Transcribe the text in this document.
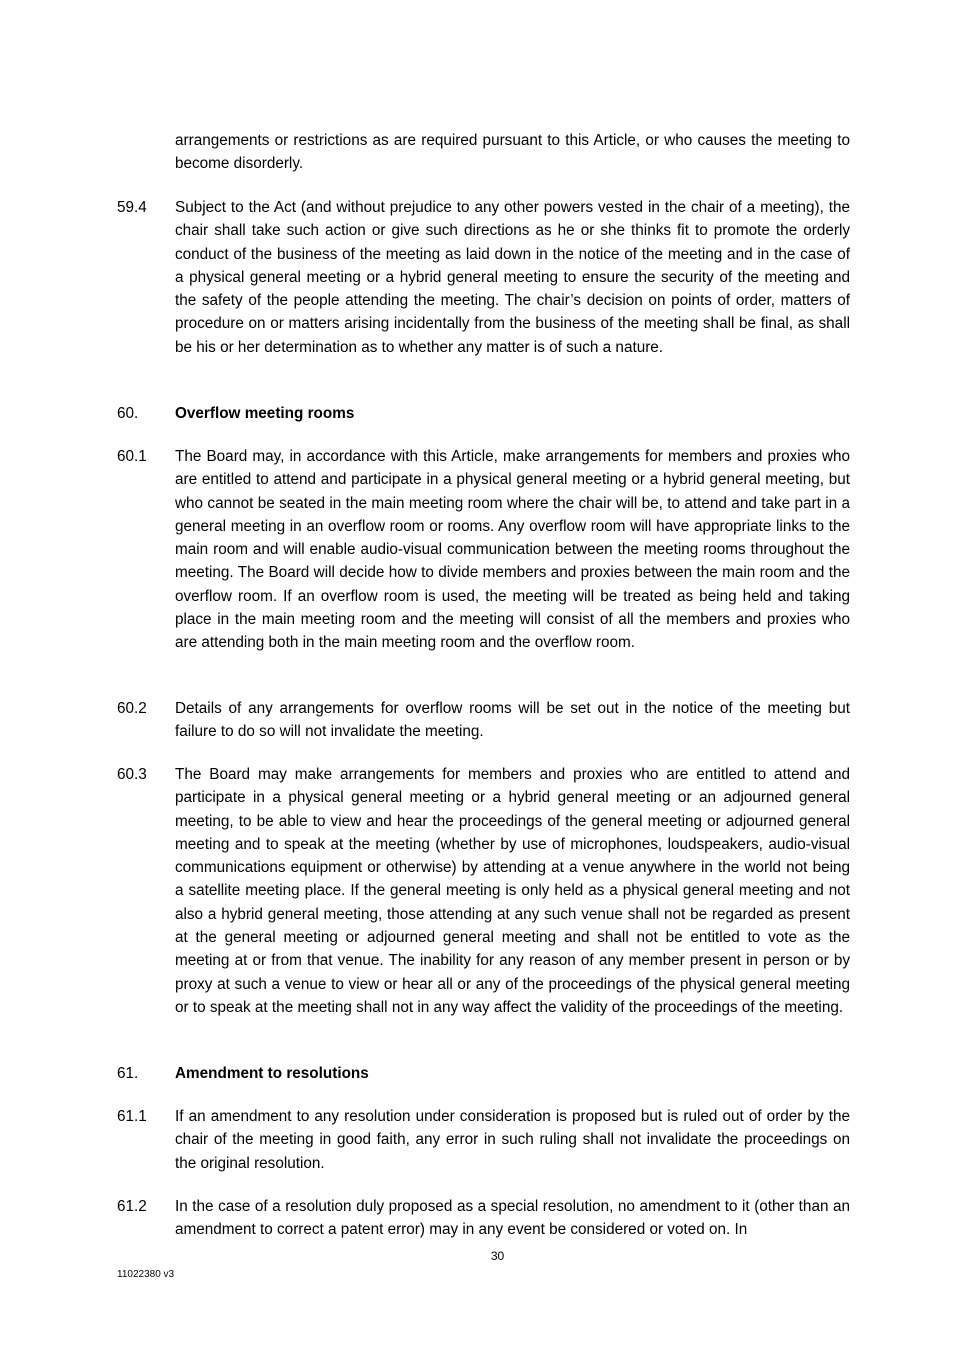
arrangements or restrictions as are required pursuant to this Article, or who causes the meeting to become disorderly.
59.4	Subject to the Act (and without prejudice to any other powers vested in the chair of a meeting), the chair shall take such action or give such directions as he or she thinks fit to promote the orderly conduct of the business of the meeting as laid down in the notice of the meeting and in the case of a physical general meeting or a hybrid general meeting to ensure the security of the meeting and the safety of the people attending the meeting. The chair’s decision on points of order, matters of procedure on or matters arising incidentally from the business of the meeting shall be final, as shall be his or her determination as to whether any matter is of such a nature.
60.	Overflow meeting rooms
60.1	The Board may, in accordance with this Article, make arrangements for members and proxies who are entitled to attend and participate in a physical general meeting or a hybrid general meeting, but who cannot be seated in the main meeting room where the chair will be, to attend and take part in a general meeting in an overflow room or rooms. Any overflow room will have appropriate links to the main room and will enable audio-visual communication between the meeting rooms throughout the meeting. The Board will decide how to divide members and proxies between the main room and the overflow room. If an overflow room is used, the meeting will be treated as being held and taking place in the main meeting room and the meeting will consist of all the members and proxies who are attending both in the main meeting room and the overflow room.
60.2	Details of any arrangements for overflow rooms will be set out in the notice of the meeting but failure to do so will not invalidate the meeting.
60.3	The Board may make arrangements for members and proxies who are entitled to attend and participate in a physical general meeting or a hybrid general meeting or an adjourned general meeting, to be able to view and hear the proceedings of the general meeting or adjourned general meeting and to speak at the meeting (whether by use of microphones, loudspeakers, audio-visual communications equipment or otherwise) by attending at a venue anywhere in the world not being a satellite meeting place. If the general meeting is only held as a physical general meeting and not also a hybrid general meeting, those attending at any such venue shall not be regarded as present at the general meeting or adjourned general meeting and shall not be entitled to vote as the meeting at or from that venue. The inability for any reason of any member present in person or by proxy at such a venue to view or hear all or any of the proceedings of the physical general meeting or to speak at the meeting shall not in any way affect the validity of the proceedings of the meeting.
61.	Amendment to resolutions
61.1	If an amendment to any resolution under consideration is proposed but is ruled out of order by the chair of the meeting in good faith, any error in such ruling shall not invalidate the proceedings on the original resolution.
61.2	In the case of a resolution duly proposed as a special resolution, no amendment to it (other than an amendment to correct a patent error) may in any event be considered or voted on. In
30
11022380 v3
